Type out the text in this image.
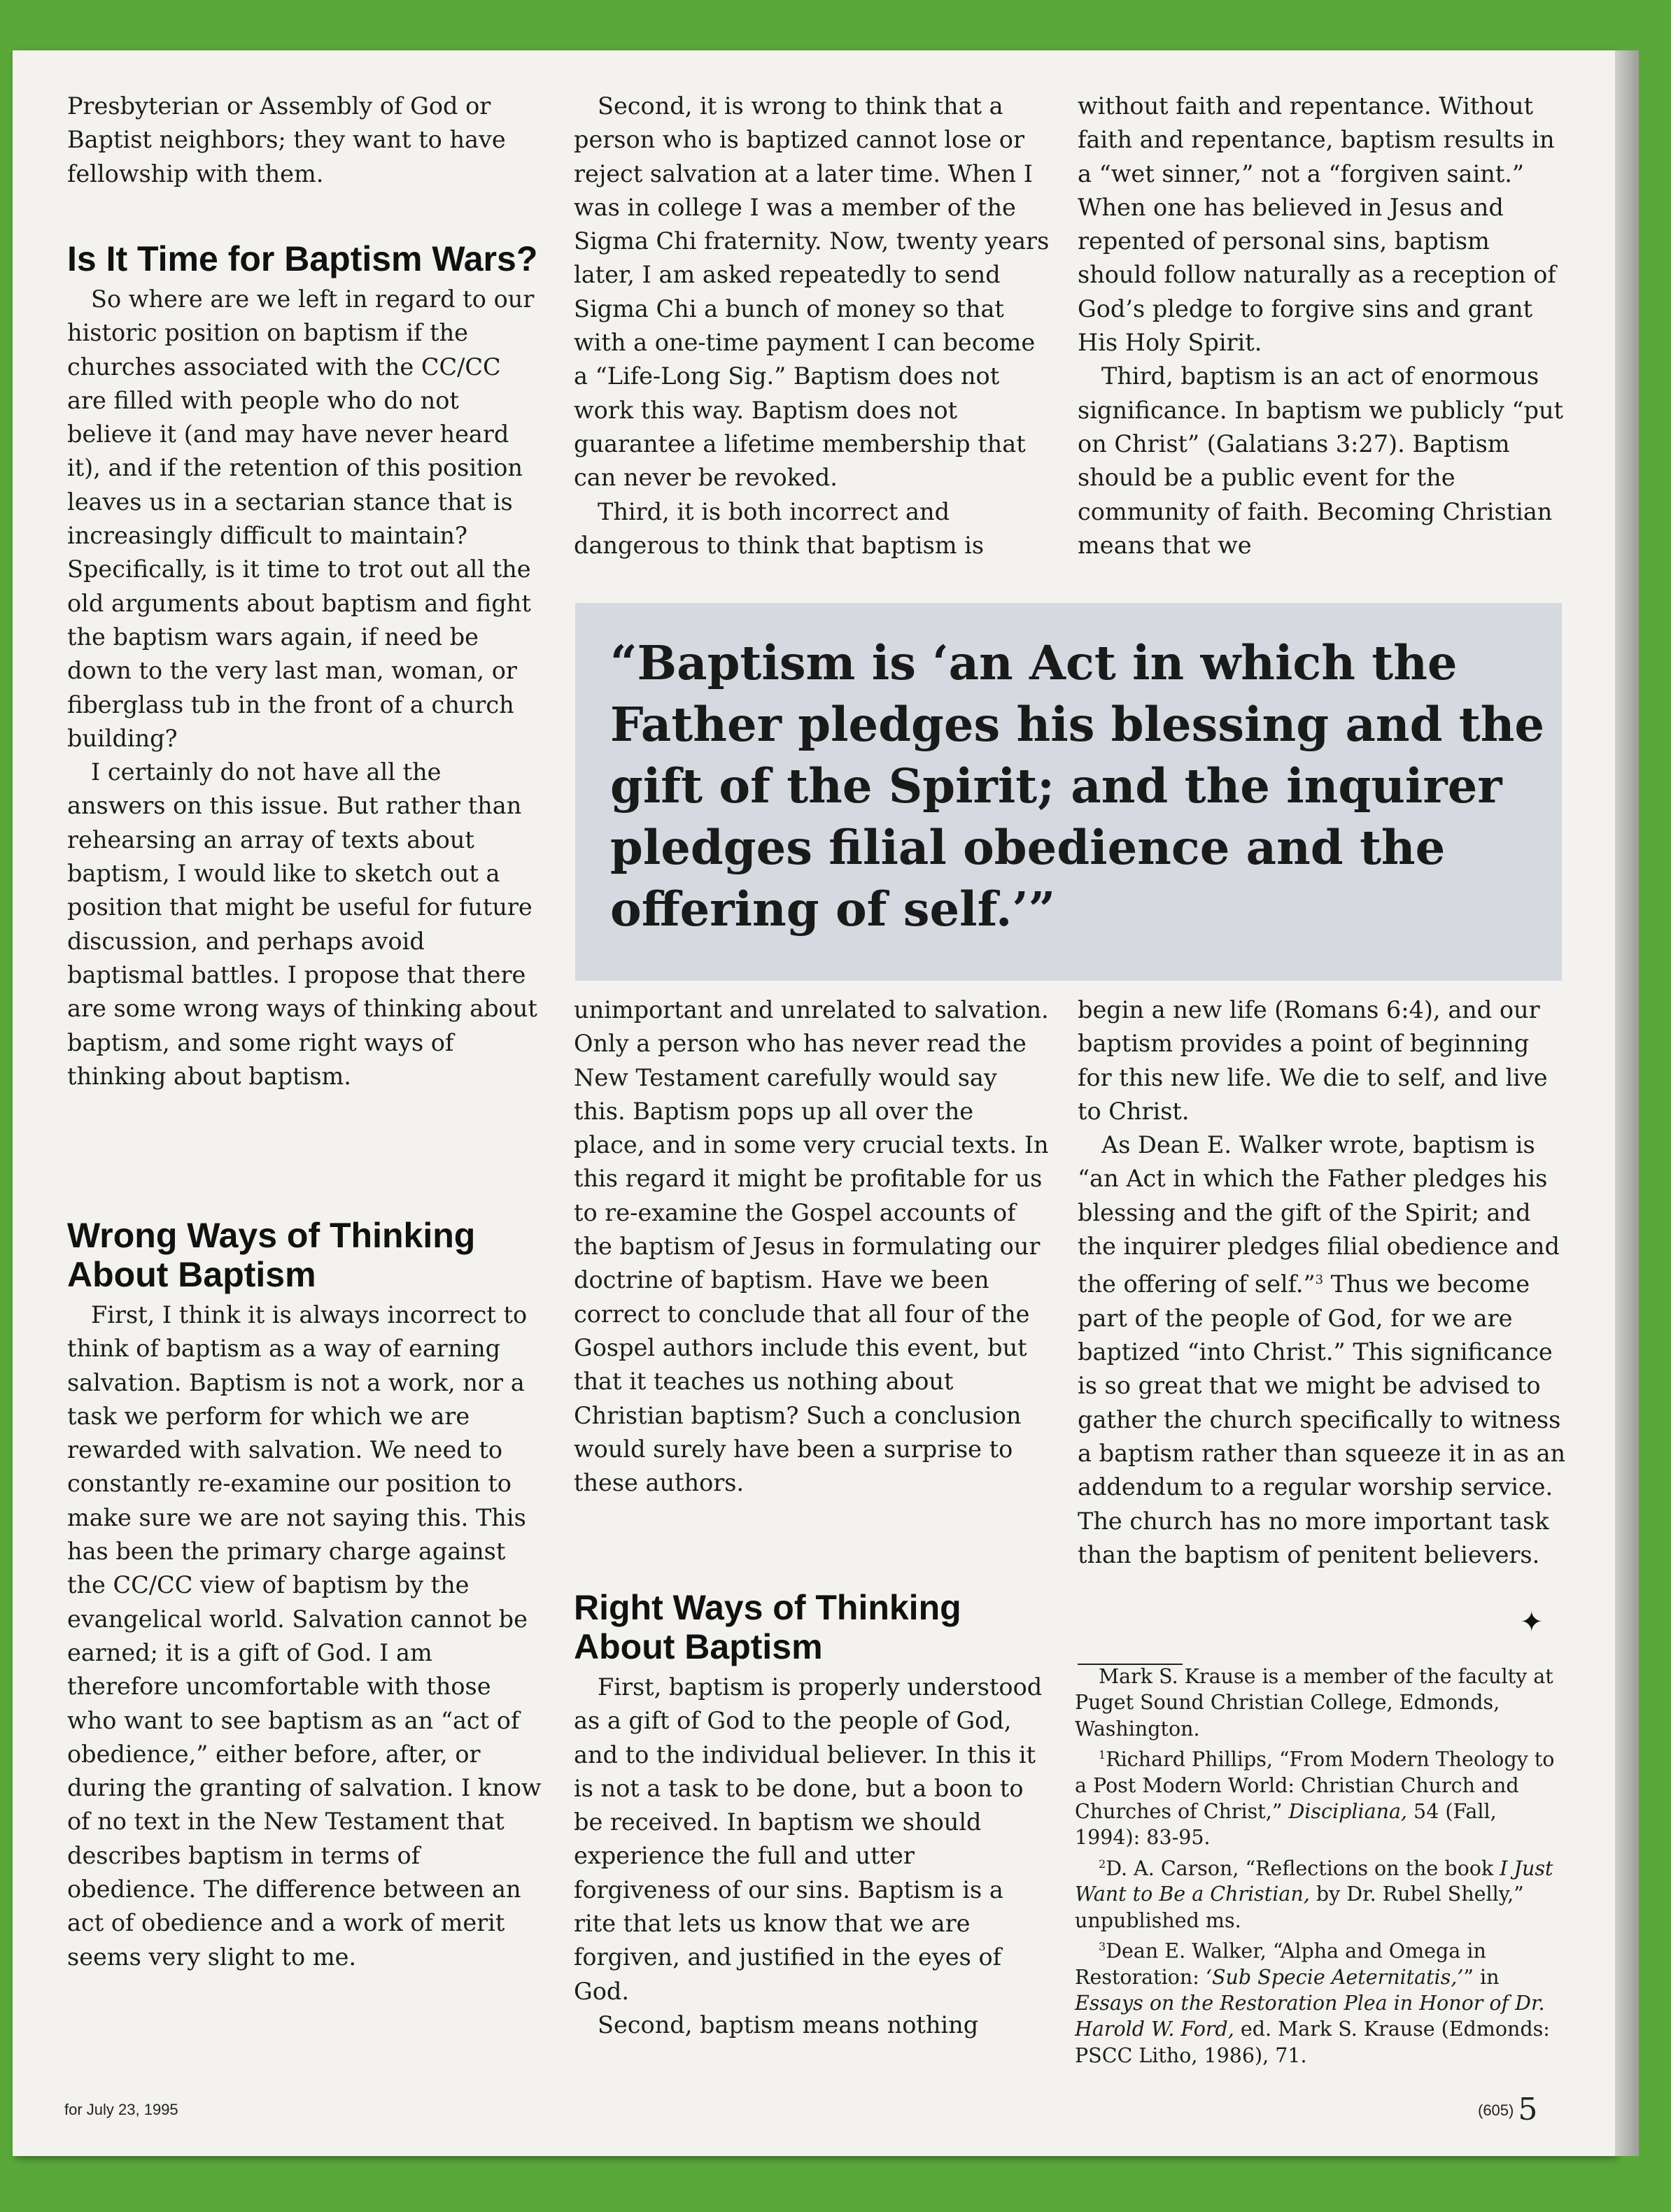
Presbyterian or Assembly of God or Baptist neighbors; they want to have fellowship with them.

Is It Time for Baptism Wars?

So where are we left in regard to our historic position on baptism if the churches associated with the CC/CC are filled with people who do not believe it (and may have never heard it), and if the retention of this position leaves us in a sectarian stance that is increasingly difficult to maintain? Specifically, is it time to trot out all the old arguments about baptism and fight the baptism wars again, if need be down to the very last man, woman, or fiberglass tub in the front of a church building?

I certainly do not have all the answers on this issue. But rather than rehearsing an array of texts about baptism, I would like to sketch out a position that might be useful for future discussion, and perhaps avoid baptismal battles. I propose that there are some wrong ways of thinking about baptism, and some right ways of thinking about baptism.

Wrong Ways of Thinking About Baptism

First, I think it is always incorrect to think of baptism as a way of earning salvation. Baptism is not a work, nor a task we perform for which we are rewarded with salvation. We need to constantly re-examine our position to make sure we are not saying this. This has been the primary charge against the CC/CC view of baptism by the evangelical world. Salvation cannot be earned; it is a gift of God. I am therefore uncomfortable with those who want to see baptism as an “act of obedience,” either before, after, or during the granting of salvation. I know of no text in the New Testament that describes baptism in terms of obedience. The difference between an act of obedience and a work of merit seems very slight to me.

Second, it is wrong to think that a person who is baptized cannot lose or reject salvation at a later time. When I was in college I was a member of the Sigma Chi fraternity. Now, twenty years later, I am asked repeatedly to send Sigma Chi a bunch of money so that with a one-time payment I can become a “Life-Long Sig.” Baptism does not work this way. Baptism does not guarantee a lifetime membership that can never be revoked.

Third, it is both incorrect and dangerous to think that baptism is

unimportant and unrelated to salvation. Only a person who has never read the New Testament carefully would say this. Baptism pops up all over the place, and in some very crucial texts. In this regard it might be profitable for us to re-examine the Gospel accounts of the baptism of Jesus in formulating our doctrine of baptism. Have we been correct to conclude that all four of the Gospel authors include this event, but that it teaches us nothing about Christian baptism? Such a conclusion would surely have been a surprise to these authors.

Right Ways of Thinking About Baptism

First, baptism is properly understood as a gift of God to the people of God, and to the individual believer. In this it is not a task to be done, but a boon to be received. In baptism we should experience the full and utter forgiveness of our sins. Baptism is a rite that lets us know that we are forgiven, and justified in the eyes of God.

Second, baptism means nothing

without faith and repentance. Without faith and repentance, baptism results in a “wet sinner,” not a “forgiven saint.” When one has believed in Jesus and repented of personal sins, baptism should follow naturally as a reception of God’s pledge to forgive sins and grant His Holy Spirit.

Third, baptism is an act of enormous significance. In baptism we publicly “put on Christ” (Galatians 3:27). Baptism should be a public event for the community of faith. Becoming Christian means that we

begin a new life (Romans 6:4), and our baptism provides a point of beginning for this new life. We die to self, and live to Christ.

As Dean E. Walker wrote, baptism is “an Act in which the Father pledges his blessing and the gift of the Spirit; and the inquirer pledges filial obedience and the offering of self.”$^3$ Thus we become part of the people of God, for we are baptized “into Christ.” This significance is so great that we might be advised to gather the church specifically to witness a baptism rather than squeeze it in as an addendum to a regular worship service. The church has no more important task than the baptism of penitent believers.

✦
“Baptism is ‘an Act in which the Father pledges his blessing and the gift of the Spirit; and the inquirer pledges filial obedience and the offering of self.’”

Mark S. Krause is a member of the faculty at Puget Sound Christian College, Edmonds, Washington.

$^1$Richard Phillips, “From Modern Theology to a Post Modern World: Christian Church and Churches of Christ,” Discipliana, 54 (Fall, 1994): 83-95.

$^2$D. A. Carson, “Reflections on the book I Just Want to Be a Christian, by Dr. Rubel Shelly,” unpublished ms.

$^3$Dean E. Walker, “Alpha and Omega in Restoration: ‘Sub Specie Aeternitatis,’” in Essays on the Restoration Plea in Honor of Dr. Harold W. Ford, ed. Mark S. Krause (Edmonds: PSCC Litho, 1986), 71.

for July 23, 1995	(605) 5
